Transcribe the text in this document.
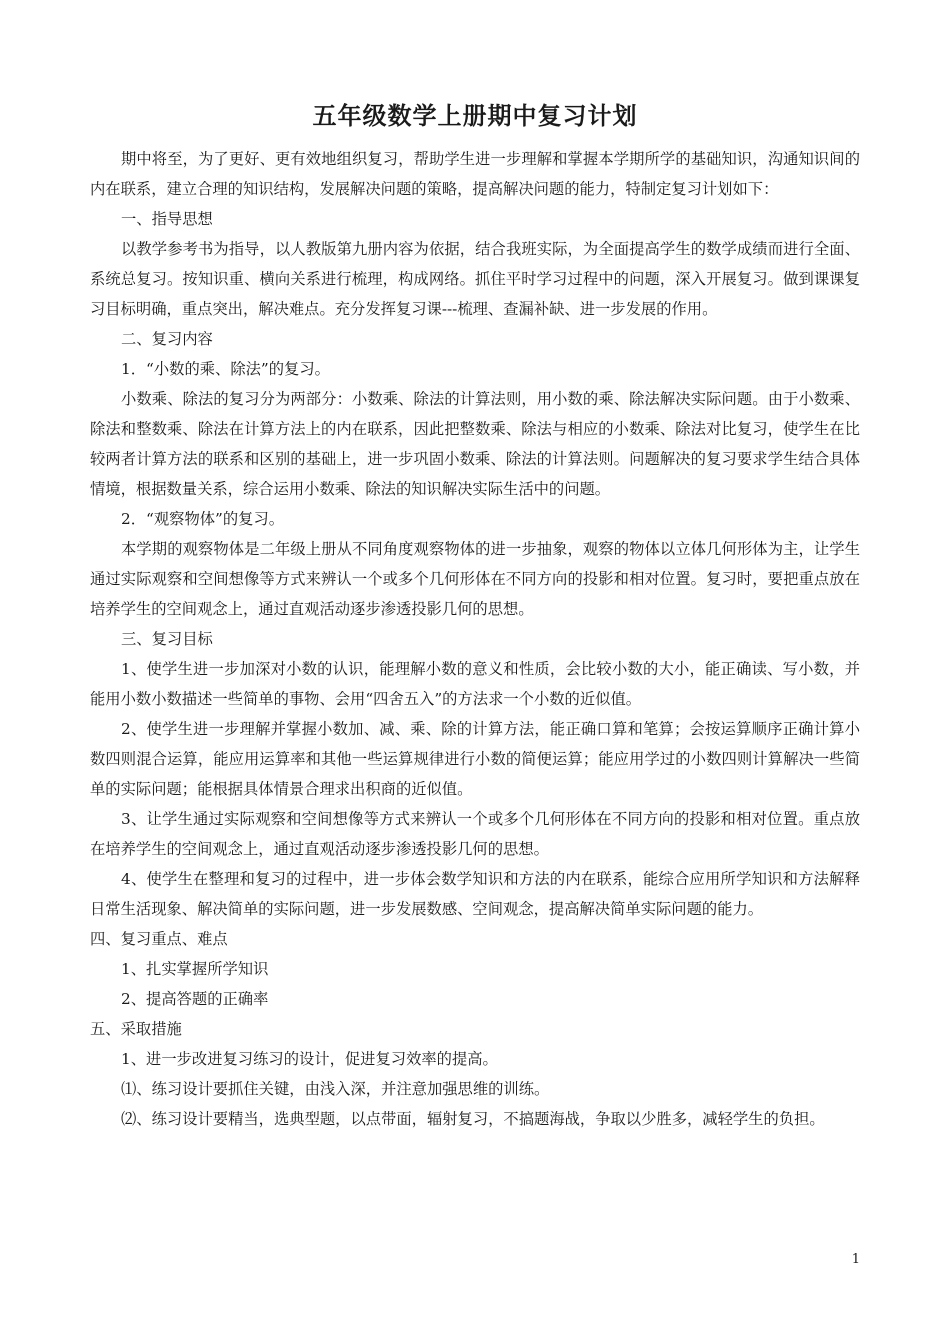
五年级数学上册期中复习计划

期中将至，为了更好、更有效地组织复习，帮助学生进一步理解和掌握本学期所学的基础知识，沟通知识间的内在联系，建立合理的知识结构，发展解决问题的策略，提高解决问题的能力，特制定复习计划如下：

一、指导思想

以教学参考书为指导，以人教版第九册内容为依据，结合我班实际，为全面提高学生的数学成绩而进行全面、系统总复习。按知识重、横向关系进行梳理，构成网络。抓住平时学习过程中的问题，深入开展复习。做到课课复习目标明确，重点突出，解决难点。充分发挥复习课---梳理、查漏补缺、进一步发展的作用。

二、复习内容

1．“小数的乘、除法”的复习。

小数乘、除法的复习分为两部分：小数乘、除法的计算法则，用小数的乘、除法解决实际问题。由于小数乘、除法和整数乘、除法在计算方法上的内在联系，因此把整数乘、除法与相应的小数乘、除法对比复习，使学生在比较两者计算方法的联系和区别的基础上，进一步巩固小数乘、除法的计算法则。问题解决的复习要求学生结合具体情境，根据数量关系，综合运用小数乘、除法的知识解决实际生活中的问题。

2．“观察物体”的复习。

本学期的观察物体是二年级上册从不同角度观察物体的进一步抽象，观察的物体以立体几何形体为主，让学生通过实际观察和空间想像等方式来辨认一个或多个几何形体在不同方向的投影和相对位置。复习时，要把重点放在培养学生的空间观念上，通过直观活动逐步渗透投影几何的思想。

三、复习目标

1、使学生进一步加深对小数的认识，能理解小数的意义和性质，会比较小数的大小，能正确读、写小数，并能用小数小数描述一些简单的事物、会用“四舍五入”的方法求一个小数的近似值。

2、使学生进一步理解并掌握小数加、减、乘、除的计算方法，能正确口算和笔算；会按运算顺序正确计算小数四则混合运算，能应用运算率和其他一些运算规律进行小数的简便运算；能应用学过的小数四则计算解决一些简单的实际问题；能根据具体情景合理求出积商的近似值。

3、让学生通过实际观察和空间想像等方式来辨认一个或多个几何形体在不同方向的投影和相对位置。重点放在培养学生的空间观念上，通过直观活动逐步渗透投影几何的思想。

4、使学生在整理和复习的过程中，进一步体会数学知识和方法的内在联系，能综合应用所学知识和方法解释日常生活现象、解决简单的实际问题，进一步发展数感、空间观念，提高解决简单实际问题的能力。

四、复习重点、难点

1、扎实掌握所学知识

2、提高答题的正确率

五、采取措施

1、进一步改进复习练习的设计，促进复习效率的提高。

⑴、练习设计要抓住关键，由浅入深，并注意加强思维的训练。

⑵、练习设计要精当，选典型题，以点带面，辐射复习，不搞题海战，争取以少胜多，减轻学生的负担。

1
